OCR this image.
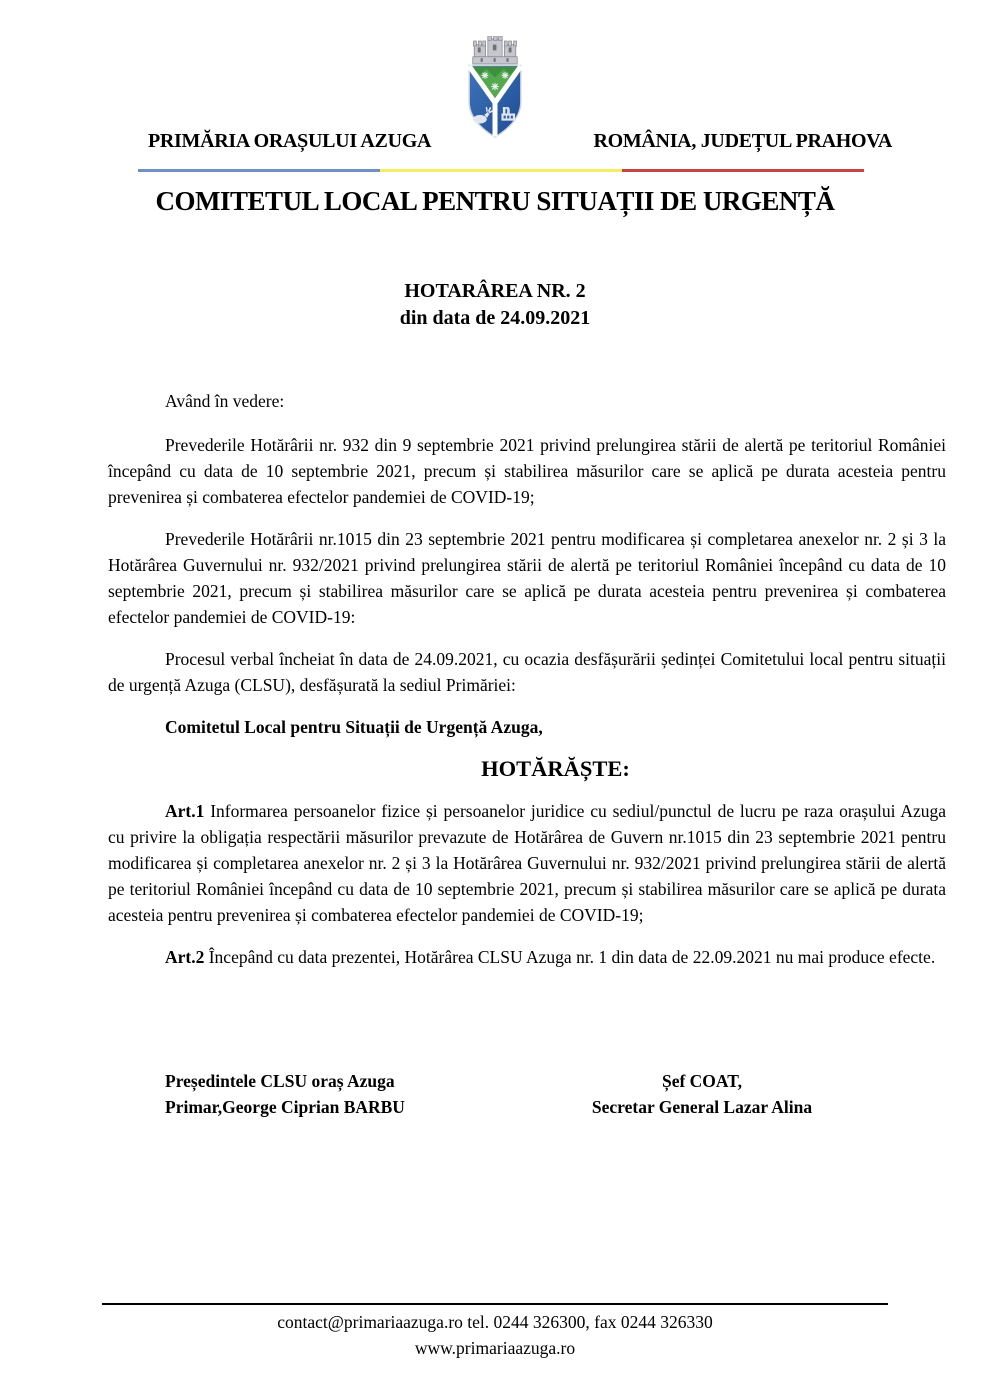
PRIMĂRIA ORAȘULUI AZUGA	ROMÂNIA, JUDEȚUL PRAHOVA
COMITETUL LOCAL PENTRU SITUAȚII DE URGENȚĂ
HOTARÂREA NR. 2
din data de 24.09.2021

Având în vedere:

Prevederile Hotărârii nr. 932 din 9 septembrie 2021 privind prelungirea stării de alertă pe teritoriul României începând cu data de 10 septembrie 2021, precum și stabilirea măsurilor care se aplică pe durata acesteia pentru prevenirea și combaterea efectelor pandemiei de COVID-19;

Prevederile Hotărârii nr.1015 din 23 septembrie 2021 pentru modificarea și completarea anexelor nr. 2 și 3 la Hotărârea Guvernului nr. 932/2021 privind prelungirea stării de alertă pe teritoriul României începând cu data de 10 septembrie 2021, precum și stabilirea măsurilor care se aplică pe durata acesteia pentru prevenirea și combaterea efectelor pandemiei de COVID-19:

Procesul verbal încheiat în data de 24.09.2021, cu ocazia desfășurării ședinței Comitetului local pentru situații de urgență Azuga (CLSU), desfășurată la sediul Primăriei:

Comitetul Local pentru Situații de Urgență Azuga,

HOTĂRĂȘTE:

Art.1 Informarea persoanelor fizice și persoanelor juridice cu sediul/punctul de lucru pe raza orașului Azuga cu privire la obligația respectării măsurilor prevazute de Hotărârea de Guvern nr.1015 din 23 septembrie 2021 pentru modificarea și completarea anexelor nr. 2 și 3 la Hotărârea Guvernului nr. 932/2021 privind prelungirea stării de alertă pe teritoriul României începând cu data de 10 septembrie 2021, precum și stabilirea măsurilor care se aplică pe durata acesteia pentru prevenirea și combaterea efectelor pandemiei de COVID-19;

Art.2 Începând cu data prezentei, Hotărârea CLSU Azuga nr. 1 din data de 22.09.2021 nu mai produce efecte.

Președintele CLSU oraș Azuga
Primar,George Ciprian BARBU
Șef COAT,
Secretar General Lazar Alina
contact@primariaazuga.ro tel. 0244 326300, fax 0244 326330
www.primariaazuga.ro
